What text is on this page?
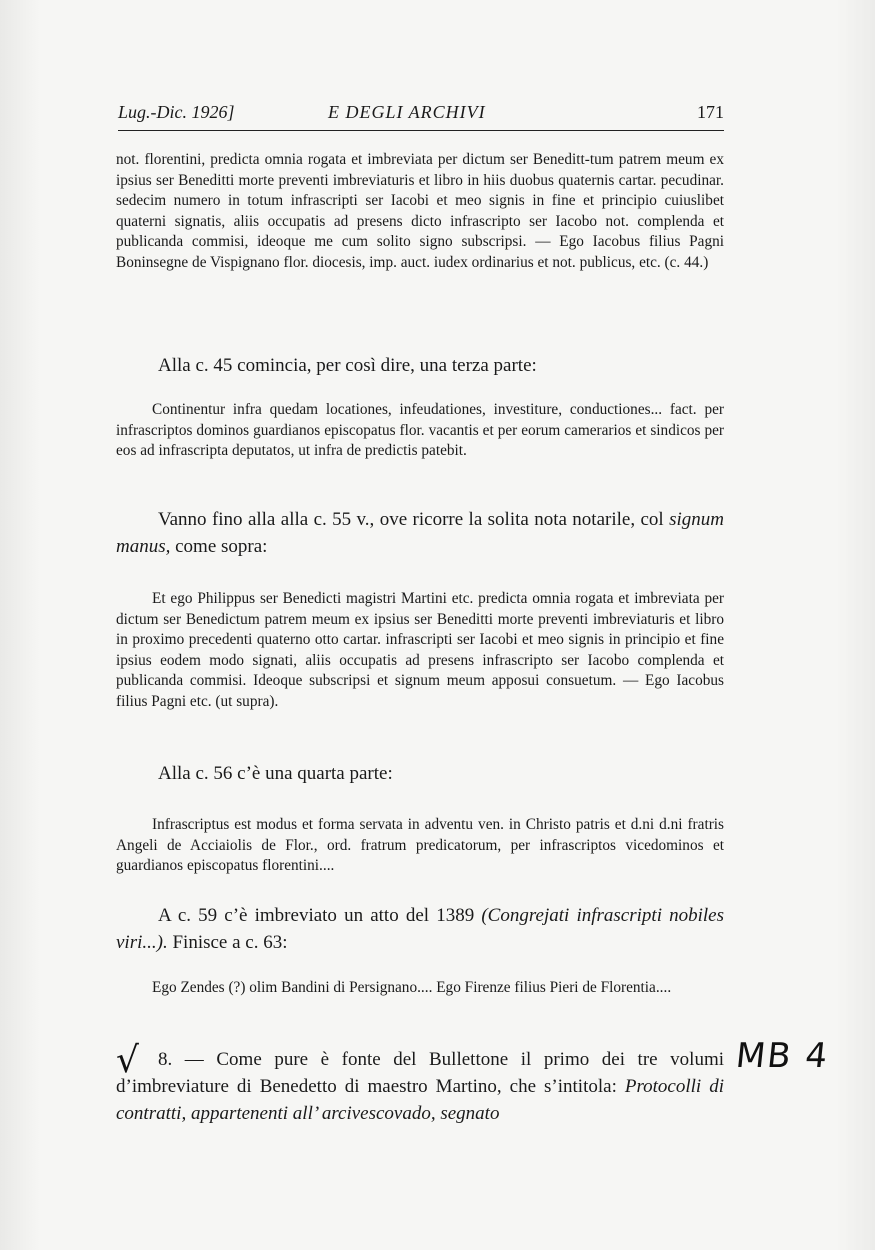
Lug.-Dic. 1926]	E DEGLI ARCHIVI	171

not. florentini, predicta omnia rogata et imbreviata per dictum ser Beneditt-tum patrem meum ex ipsius ser Beneditti morte preventi imbreviaturis et libro in hiis duobus quaternis cartar. pecudinar. sedecim numero in totum infrascripti ser Iacobi et meo signis in fine et principio cuiuslibet quaterni signatis, aliis occupatis ad presens dicto infrascripto ser Iacobo not. complenda et publicanda commisi, ideoque me cum solito signo subscripsi. — Ego Iacobus filius Pagni Boninsegne de Vispignano flor. diocesis, imp. auct. iudex ordinarius et not. publicus, etc. (c. 44.)

Alla c. 45 comincia, per così dire, una terza parte:

Continentur infra quedam locationes, infeudationes, investiture, conductiones... fact. per infrascriptos dominos guardianos episcopatus flor. vacantis et per eorum camerarios et sindicos per eos ad infrascripta deputatos, ut infra de predictis patebit.

Vanno fino alla alla c. 55 v., ove ricorre la solita nota notarile, col signum manus, come sopra:

Et ego Philippus ser Benedicti magistri Martini etc. predicta omnia rogata et imbreviata per dictum ser Benedictum patrem meum ex ipsius ser Beneditti morte preventi imbreviaturis et libro in proximo precedenti quaterno otto cartar. infrascripti ser Iacobi et meo signis in principio et fine ipsius eodem modo signati, aliis occupatis ad presens infrascripto ser Iacobo complenda et publicanda commisi. Ideoque subscripsi et signum meum apposui consuetum. — Ego Iacobus filius Pagni etc. (ut supra).

Alla c. 56 c’è una quarta parte:

Infrascriptus est modus et forma servata in adventu ven. in Christo patris et d.ni d.ni fratris Angeli de Acciaiolis de Flor., ord. fratrum predicatorum, per infrascriptos vicedominos et guardianos episcopatus florentini....

A c. 59 c’è imbreviato un atto del 1389 (Congrejati infrascripti nobiles viri...). Finisce a c. 63:

Ego Zendes (?) olim Bandini di Persignano.... Ego Firenze filius Pieri de Florentia....

8. — Come pure è fonte del Bullettone il primo dei tre volumi d’imbreviature di Benedetto di maestro Martino, che s’intitola: Protocolli di contratti, appartenenti all’ arcivescovado, segnato

√	MB 4
